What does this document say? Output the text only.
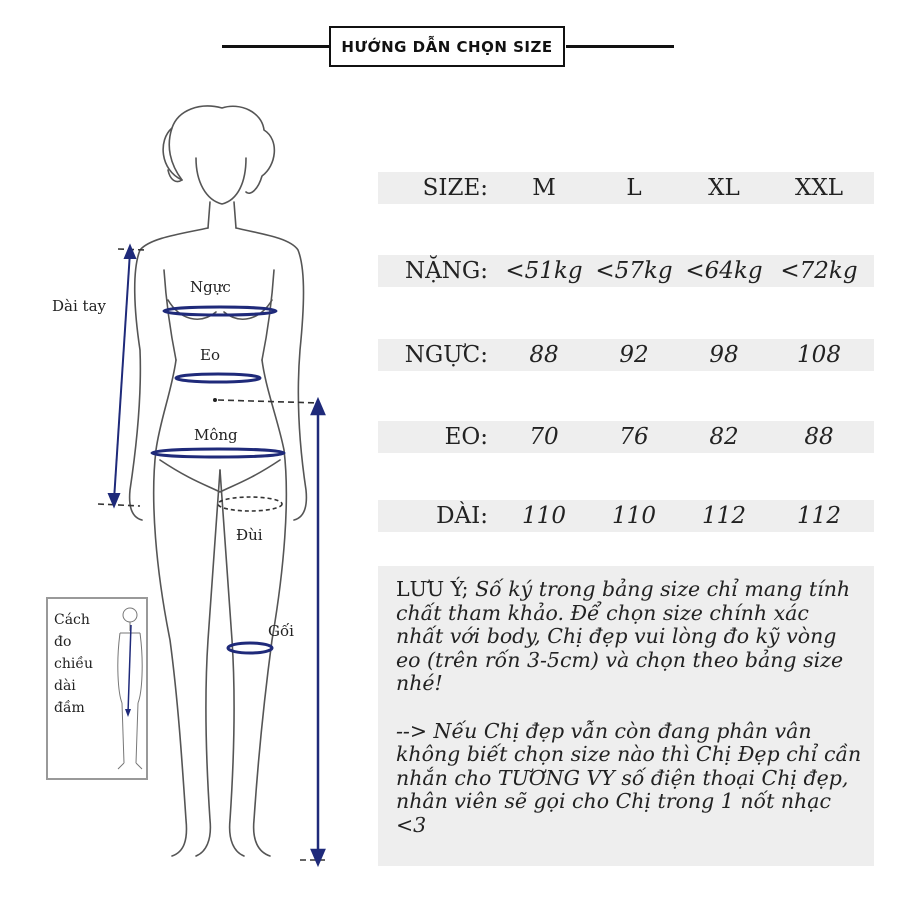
HƯỚNG DẪN CHỌN SIZE
Dài tay
Ngực
Eo
Mông
Đùi
Gối
Cách
đo
chiều
dài
đầm
SIZE:	M	L	XL	XXL
NẶNG: <51kg <57kg <64kg <72kg
NGỰC:	88	92	98	108
EO:	70	76	82	88
DÀI:	110	110	112	112

LƯU Ý; Số ký trong bảng size chỉ mang tính chất tham khảo. Để chọn size chính xác nhất với body, Chị đẹp vui lòng đo kỹ vòng eo (trên rốn 3-5cm) và chọn theo bảng size nhé!

--> Nếu Chị đẹp vẫn còn đang phân vân không biết chọn size nào thì Chị Đẹp chỉ cần nhắn cho TƯƠNG VY số điện thoại Chị đẹp, nhân viên sẽ gọi cho Chị trong 1 nốt nhạc <3
